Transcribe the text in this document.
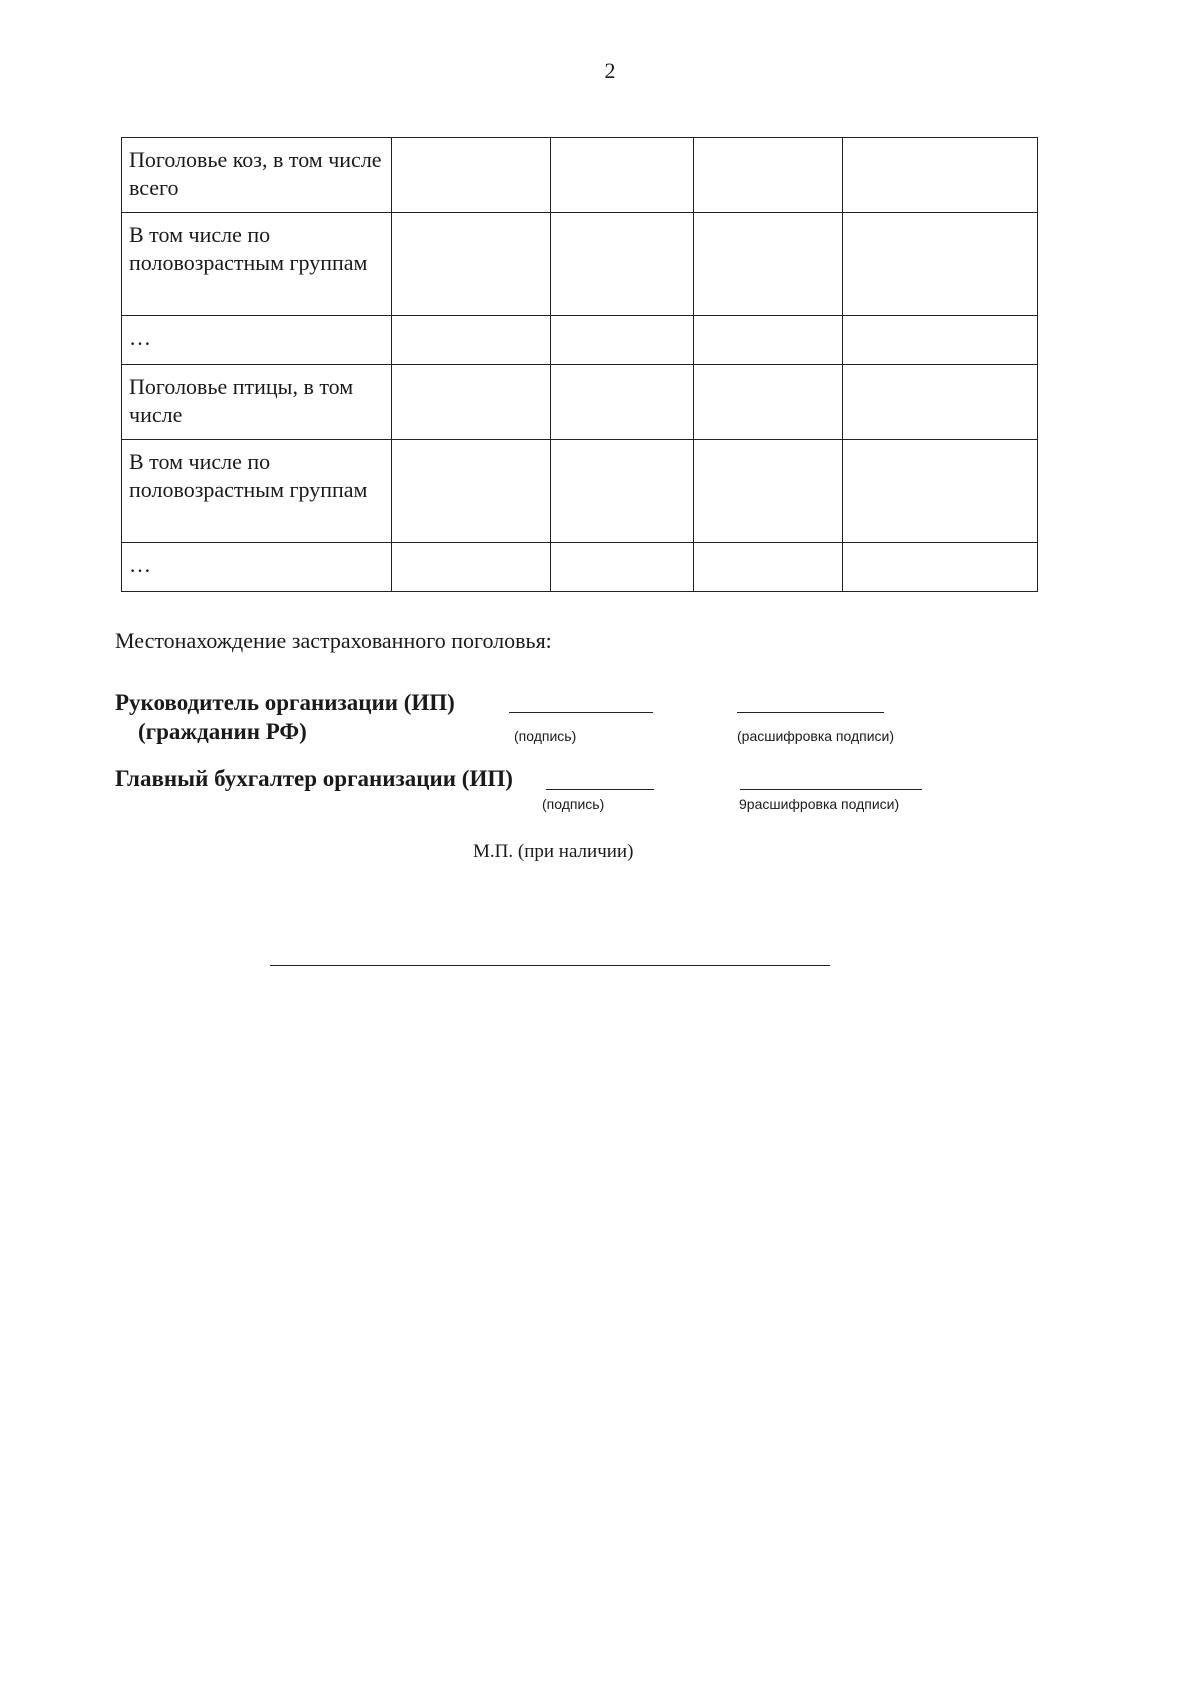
2
Поголовье коз, в том числе всего				
В том числе по половозрастным группам				
…				
Поголовье птицы, в том числе				
В том числе по половозрастным группам				
…				
Местонахождение застрахованного поголовья:
Руководитель организации (ИП)
(гражданин РФ)	(подпись)	(расшифровка подписи)
Главный бухгалтер организации (ИП)
(подпись)	9расшифровка подписи)
М.П. (при наличии)
